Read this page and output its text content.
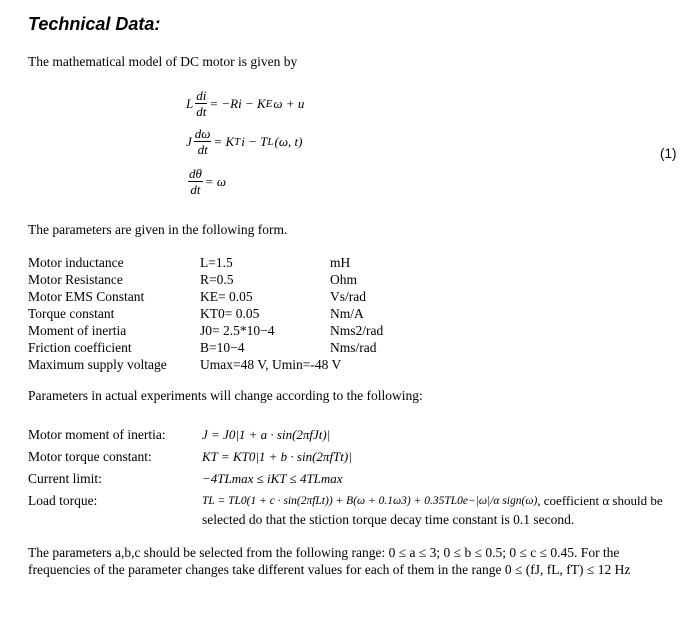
Technical Data:
The mathematical model of DC motor is given by
L $\frac{di}{dt} = -Ri - K$ E ω + u
J $\frac{d\omega}{dt} = K$ T i − T L (ω, t)
$\frac{d\theta}{dt} = \omega$
(1)
The parameters are given in the following form.
Motor inductance	L=1.5	mH
Motor Resistance	R=0.5	Ohm
Motor EMS Constant	KE= 0.05	Vs/rad
Torque constant	KT0= 0.05	Nm/A
Moment of inertia	J0= 2.5*10−4	Nms2/rad
Friction coefficient	B=10−4	Nms/rad
Maximum supply voltage	Umax=48 V, Umin=-48 V
Parameters in actual experiments will change according to the following:
Motor moment of inertia:	J = J0|1 + a · sin(2πfJt)|
Motor torque constant:	KT = KT0|1 + b · sin(2πfTt)|
Current limit:	−4TLmax ≤ iKT ≤ 4TLmax
Load torque:	TL = TL0(1 + c · sin(2πfLt)) + B(ω + 0.1ω3) + 0.35TL0e−|ω|/α sign(ω) , coefficient α should be
selected do that the stiction torque decay time constant is 0.1 second.
The parameters a,b,c should be selected from the following range: 0 ≤ a ≤ 3; 0 ≤ b ≤ 0.5; 0 ≤ c ≤ 0.45. For the frequencies of the parameter changes take different values for each of them in the range 0 ≤ (fJ, fL, fT) ≤ 12 Hz
